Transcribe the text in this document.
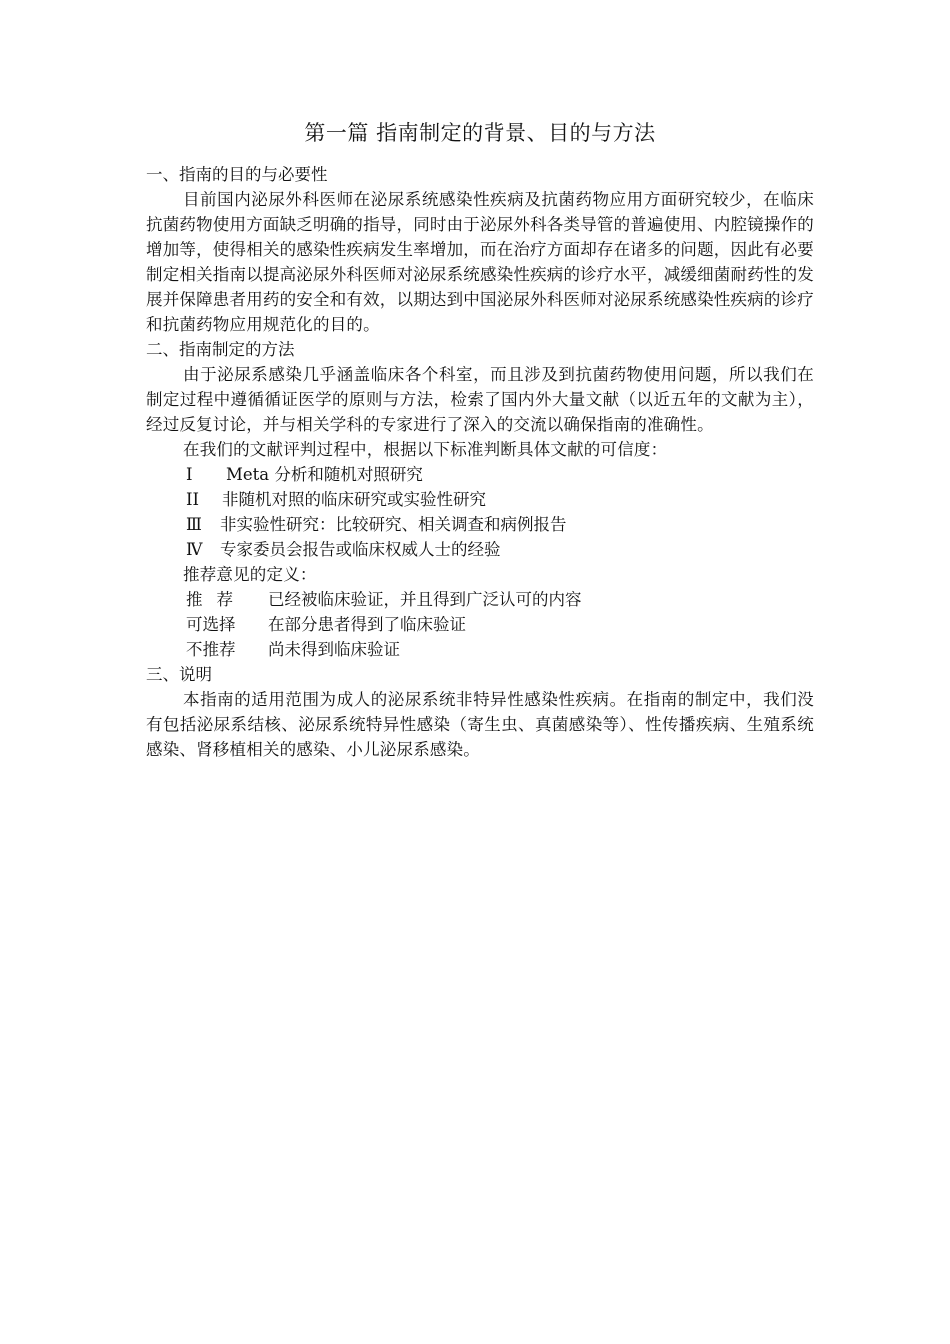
第一篇 指南制定的背景、目的与方法

一、指南的目的与必要性

目前国内泌尿外科医师在泌尿系统感染性疾病及抗菌药物应用方面研究较少，在临床抗菌药物使用方面缺乏明确的指导，同时由于泌尿外科各类导管的普遍使用、内腔镜操作的增加等，使得相关的感染性疾病发生率增加，而在治疗方面却存在诸多的问题，因此有必要制定相关指南以提高泌尿外科医师对泌尿系统感染性疾病的诊疗水平，减缓细菌耐药性的发展并保障患者用药的安全和有效，以期达到中国泌尿外科医师对泌尿系统感染性疾病的诊疗和抗菌药物应用规范化的目的。

二、指南制定的方法

由于泌尿系感染几乎涵盖临床各个科室，而且涉及到抗菌药物使用问题，所以我们在制定过程中遵循循证医学的原则与方法，检索了国内外大量文献（以近五年的文献为主），经过反复讨论，并与相关学科的专家进行了深入的交流以确保指南的准确性。

在我们的文献评判过程中，根据以下标准判断具体文献的可信度：

I Meta 分析和随机对照研究

II 非随机对照的临床研究或实验性研究

Ⅲ 非实验性研究：比较研究、相关调查和病例报告

Ⅳ 专家委员会报告或临床权威人士的经验

推荐意见的定义：

推荐 已经被临床验证，并且得到广泛认可的内容

可选择 在部分患者得到了临床验证

不推荐 尚未得到临床验证

三、说明

本指南的适用范围为成人的泌尿系统非特异性感染性疾病。在指南的制定中，我们没有包括泌尿系结核、泌尿系统特异性感染（寄生虫、真菌感染等）、性传播疾病、生殖系统感染、肾移植相关的感染、小儿泌尿系感染。
